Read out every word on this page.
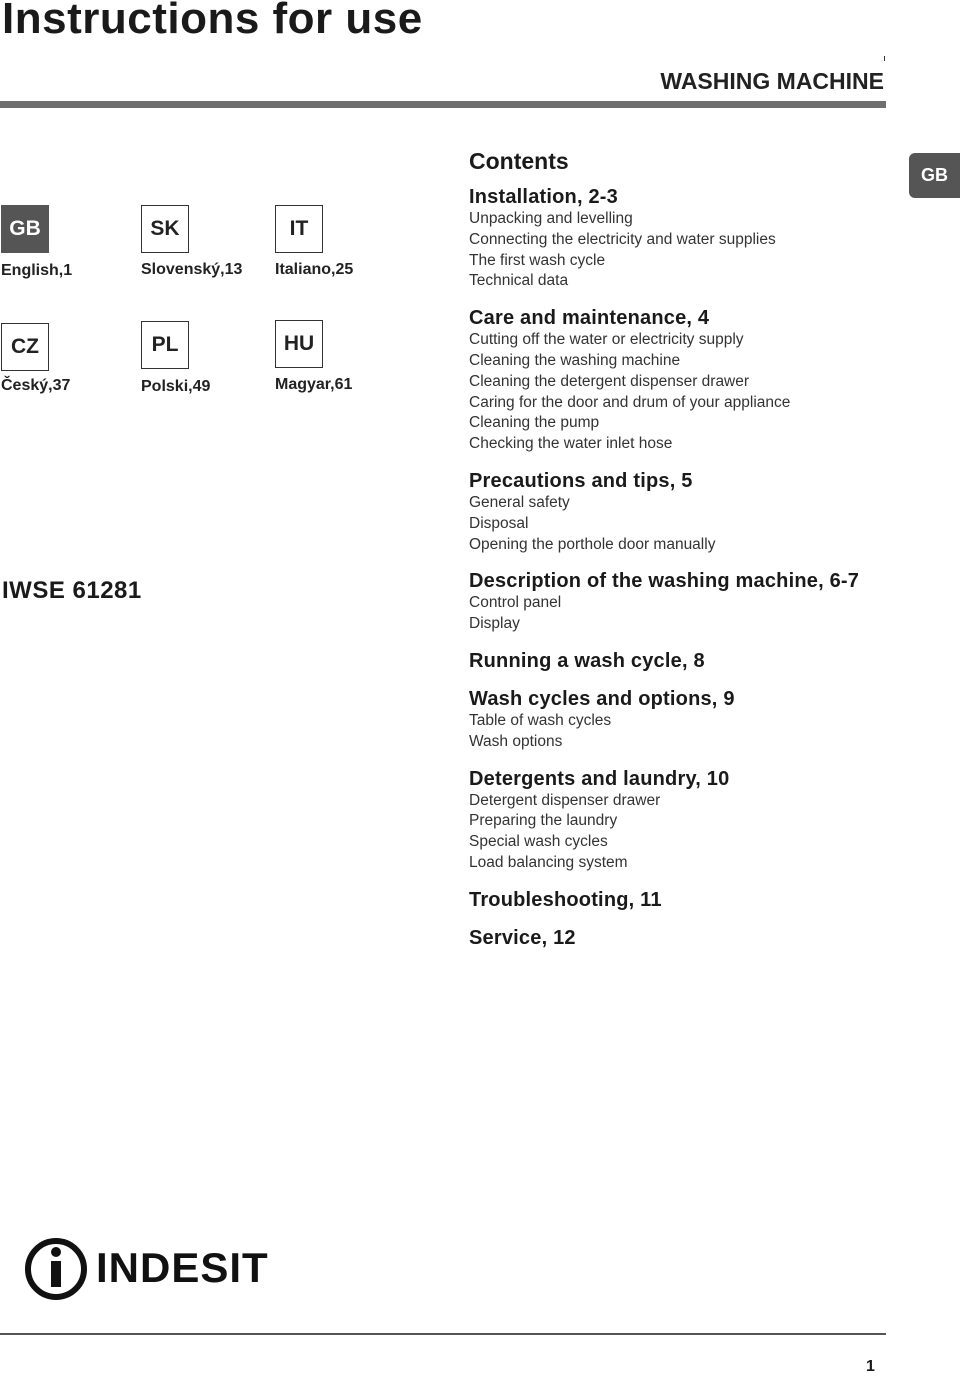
Instructions for use
WASHING MACHINE
GB
GB
English,1
SK
Slovenský,13
IT
Italiano,25
CZ
Český,37
PL
Polski,49
HU
Magyar,61
IWSE 61281
Contents
Installation, 2-3
Unpacking and levelling
Connecting the electricity and water supplies
The first wash cycle
Technical data
Care and maintenance, 4
Cutting off the water or electricity supply
Cleaning the washing machine
Cleaning the detergent dispenser drawer
Caring for the door and drum of your appliance
Cleaning the pump
Checking the water inlet hose
Precautions and tips, 5
General safety
Disposal
Opening the porthole door manually
Description of the washing machine, 6-7
Control panel
Display
Running a wash cycle, 8
Wash cycles and options, 9
Table of wash cycles
Wash options
Detergents and laundry, 10
Detergent dispenser drawer
Preparing the laundry
Special wash cycles
Load balancing system
Troubleshooting, 11
Service, 12
INDESIT
1
